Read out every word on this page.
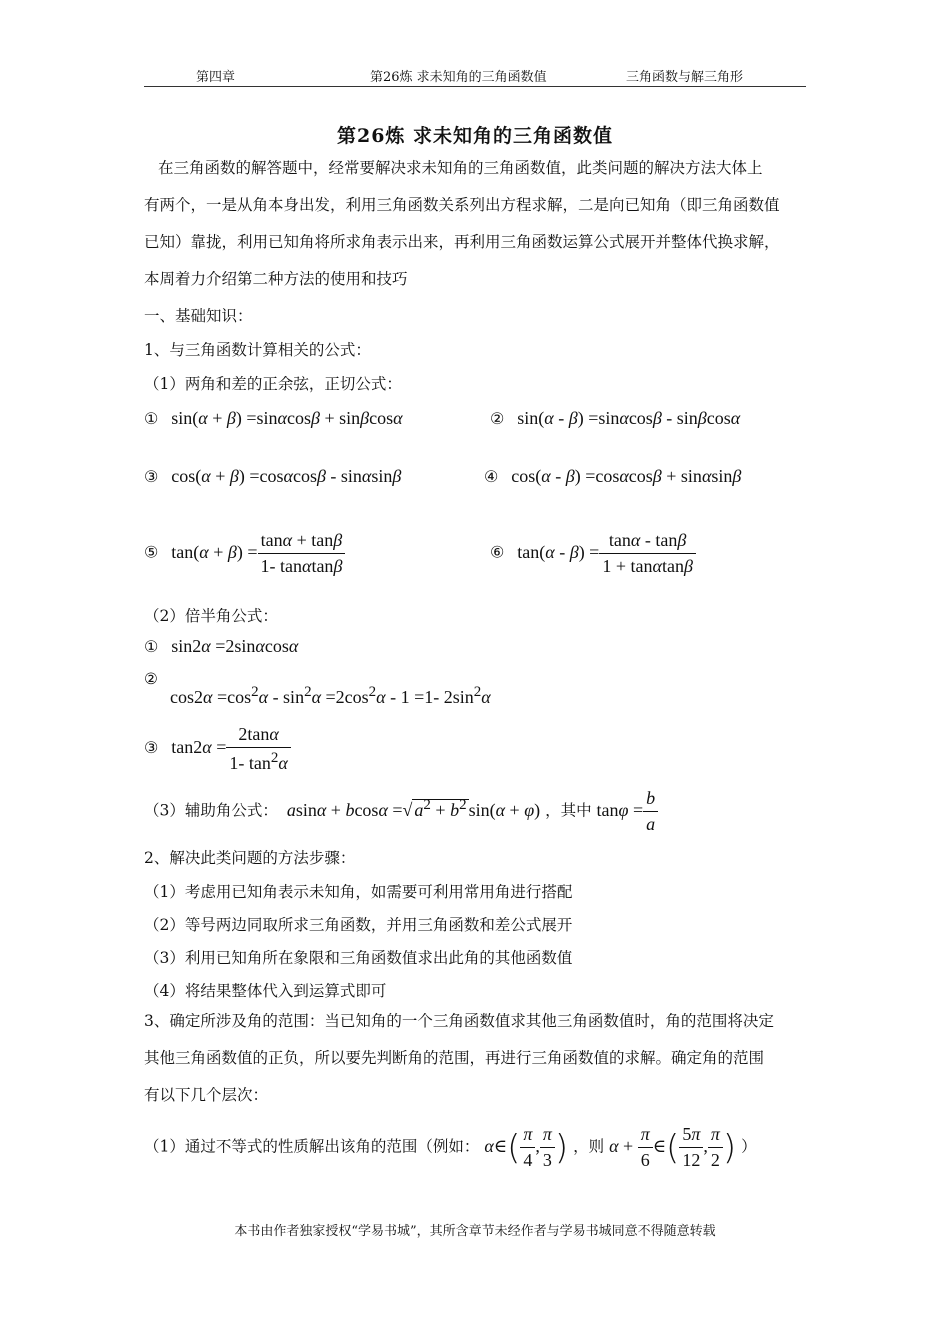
第四章	第26炼 求未知角的三角函数值	三角函数与解三角形
第26炼 求未知角的三角函数值
在三角函数的解答题中，经常要解决求未知角的三角函数值，此类问题的解决方法大体上
有两个，一是从角本身出发，利用三角函数关系列出方程求解，二是向已知角（即三角函数值
已知）靠拢，利用已知角将所求角表示出来，再利用三角函数运算公式展开并整体代换求解，
本周着力介绍第二种方法的使用和技巧
一、基础知识：
1、与三角函数计算相关的公式：
（1）两角和差的正余弦，正切公式：
① sin(α + β) =sinαcosβ + sinβcosα	② sin(α - β) =sinαcosβ - sinβcosα
③ cos(α + β) =cosαcosβ - sinαsinβ	④ cos(α - β) =cosαcosβ + sinαsinβ
⑤ $\tan(\alpha + \beta) = \frac{\tan\alpha + \tan\beta}{1- \tan\alpha\tan\beta}$	⑥ $\tan(\alpha - \beta) = \frac{\tan\alpha - \tan\beta}{1 + \tan\alpha\tan\beta}$
（2）倍半角公式：
① sin2α =2sinαcosα
②
$\cos 2\alpha =\cos^2\alpha - \sin^2\alpha =2\cos^2\alpha - 1 =1-$ $2\sin^2\alpha$
③ $\tan 2\alpha = \frac{2\tan\alpha}{1- \tan^2\alpha}$
（3）辅助角公式： asinα + bcosα =√ $a^2 + b^2$ sin(α + φ) ，其中 $\tan\varphi = \frac{b}{a}$
2、解决此类问题的方法步骤：
（1）考虑用已知角表示未知角，如需要可利用常用角进行搭配
（2）等号两边同取所求三角函数，并用三角函数和差公式展开
（3）利用已知角所在象限和三角函数值求出此角的其他函数值
（4）将结果整体代入到运算式即可
3、确定所涉及角的范围：当已知角的一个三角函数值求其他三角函数值时，角的范围将决定
其他三角函数值的正负，所以要先判断角的范围，再进行三角函数值的求解。确定角的范围
有以下几个层次：
（1）通过不等式的性质解出该角的范围（例如： α∈( $\frac{\pi}{4}$ , $\frac{\pi}{3}$ ) ，则 $\alpha + \frac{\pi}{6}$ ∈( $\frac{5\pi}{12}$ , $\frac{\pi}{2}$ ) ）
本书由作者独家授权“学易书城”，其所含章节未经作者与学易书城同意不得随意转载
